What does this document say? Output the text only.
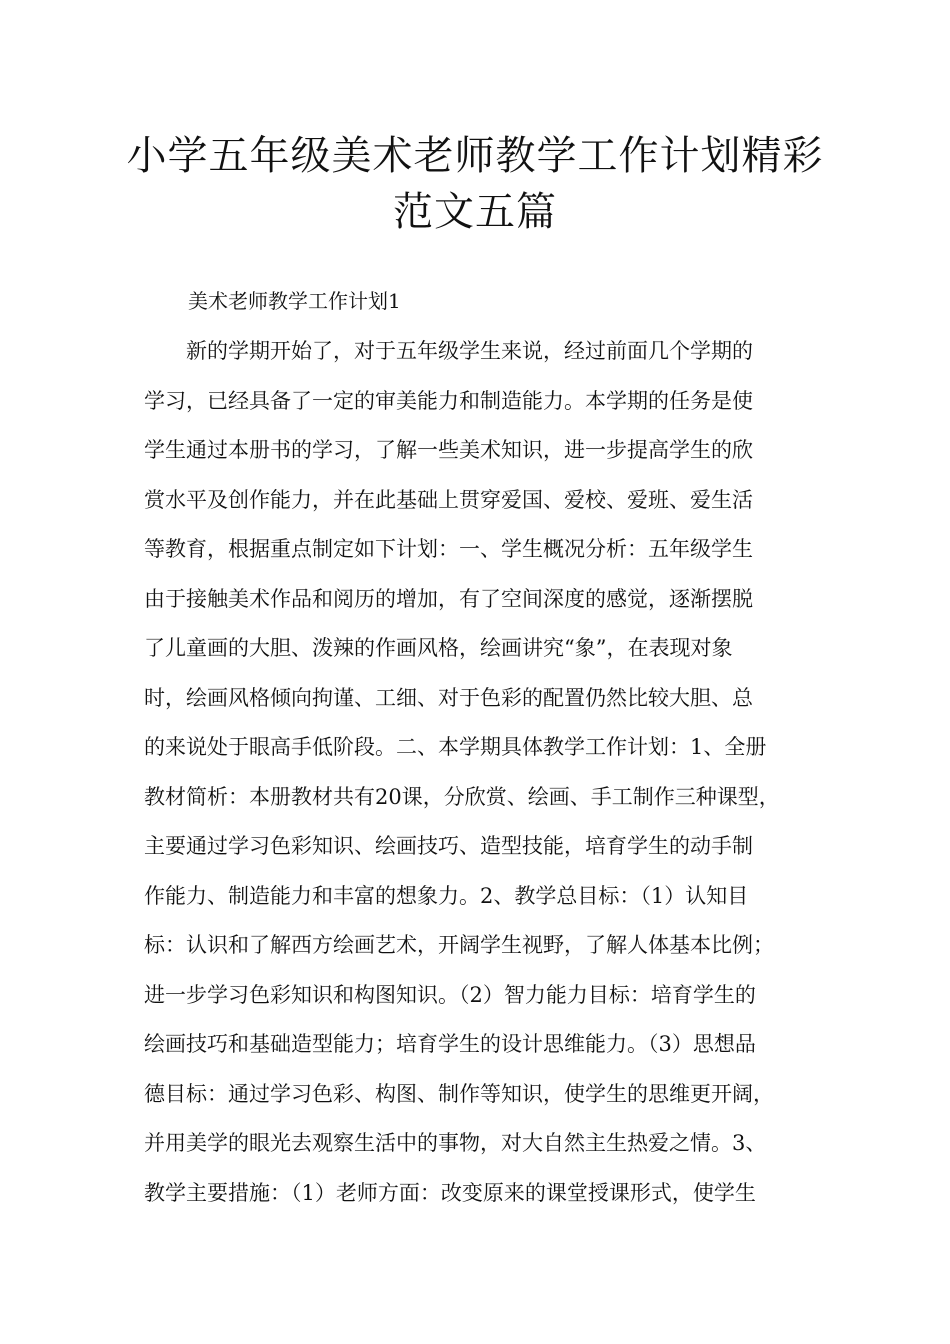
小学五年级美术老师教学工作计划精彩
范文五篇

美术老师教学工作计划1

　　新的学期开始了，对于五年级学生来说，经过前面几个学期的
学习，已经具备了一定的审美能力和制造能力。本学期的任务是使
学生通过本册书的学习，了解一些美术知识，进一步提高学生的欣
赏水平及创作能力，并在此基础上贯穿爱国、爱校、爱班、爱生活
等教育，根据重点制定如下计划：一、学生概况分析：五年级学生
由于接触美术作品和阅历的增加，有了空间深度的感觉，逐渐摆脱
了儿童画的大胆、泼辣的作画风格，绘画讲究“象”，在表现对象
时，绘画风格倾向拘谨、工细、对于色彩的配置仍然比较大胆、总
的来说处于眼高手低阶段。二、本学期具体教学工作计划：1、全册
教材简析：本册教材共有20课，分欣赏、绘画、手工制作三种课型，
主要通过学习色彩知识、绘画技巧、造型技能，培育学生的动手制
作能力、制造能力和丰富的想象力。2、教学总目标：（1）认知目
标：认识和了解西方绘画艺术，开阔学生视野，了解人体基本比例；
进一步学习色彩知识和构图知识。（2）智力能力目标：培育学生的
绘画技巧和基础造型能力；培育学生的设计思维能力。（3）思想品
德目标：通过学习色彩、构图、制作等知识，使学生的思维更开阔，
并用美学的眼光去观察生活中的事物，对大自然主生热爱之情。3、
教学主要措施：（1）老师方面：改变原来的课堂授课形式，使学生
